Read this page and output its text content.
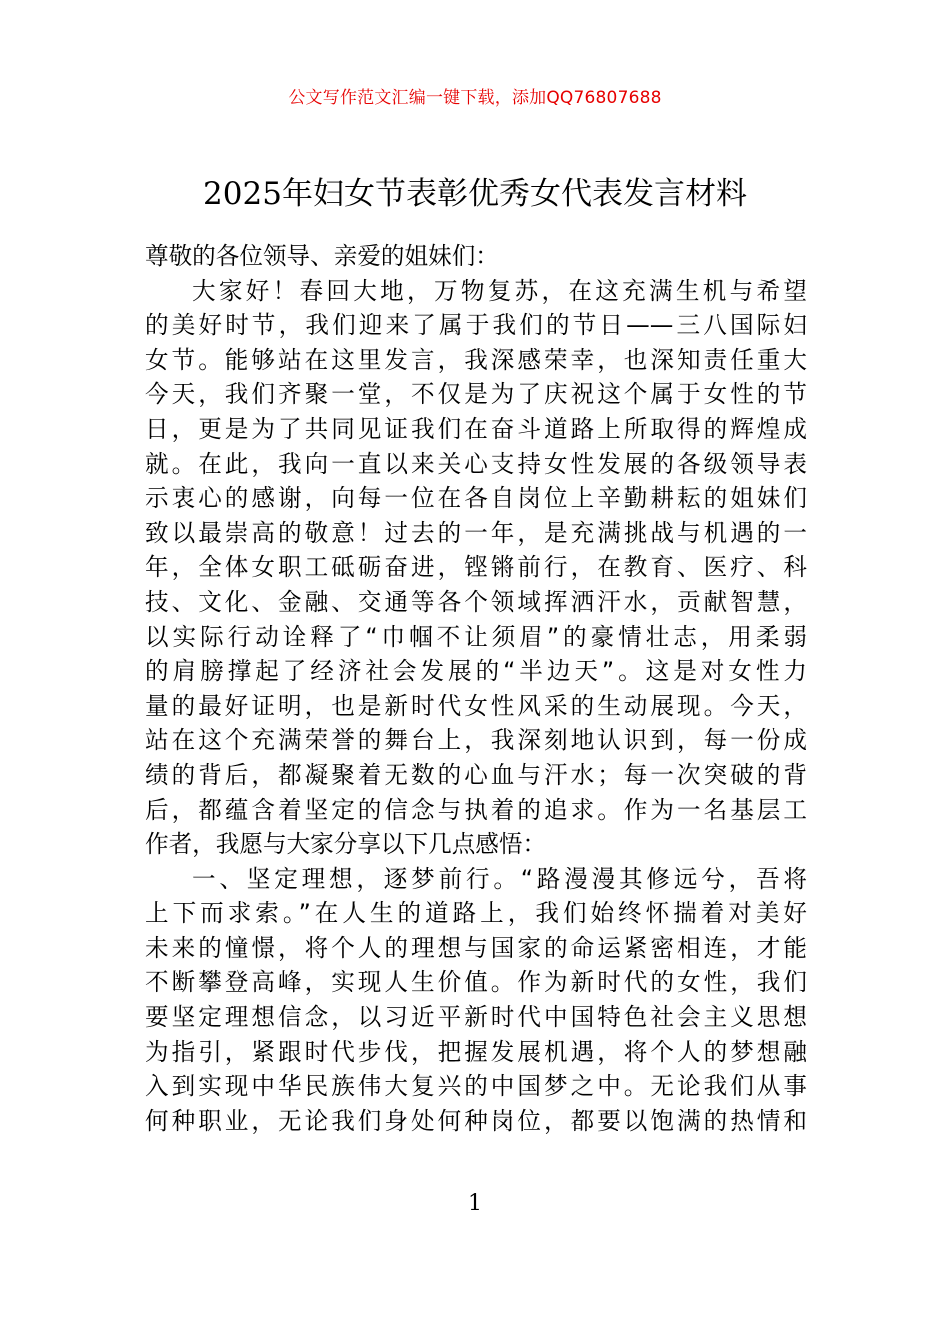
公文写作范文汇编一键下载，添加QQ76807688
2025年妇女节表彰优秀女代表发言材料
尊敬的各位领导、亲爱的姐妹们：
大家好！春回大地，万物复苏，在这充满生机与希望
的美好时节，我们迎来了属于我们的节日——三八国际妇
女节。能够站在这里发言，我深感荣幸，也深知责任重大
今天，我们齐聚一堂，不仅是为了庆祝这个属于女性的节
日，更是为了共同见证我们在奋斗道路上所取得的辉煌成
就。在此，我向一直以来关心支持女性发展的各级领导表
示衷心的感谢，向每一位在各自岗位上辛勤耕耘的姐妹们
致以最崇高的敬意！过去的一年，是充满挑战与机遇的一
年，全体女职工砥砺奋进，铿锵前行，在教育、医疗、科
技、文化、金融、交通等各个领域挥洒汗水，贡献智慧，
以实际行动诠释了“巾帼不让须眉”的豪情壮志，用柔弱
的肩膀撑起了经济社会发展的“半边天”。这是对女性力
量的最好证明，也是新时代女性风采的生动展现。今天，
站在这个充满荣誉的舞台上，我深刻地认识到，每一份成
绩的背后，都凝聚着无数的心血与汗水；每一次突破的背
后，都蕴含着坚定的信念与执着的追求。作为一名基层工
作者，我愿与大家分享以下几点感悟：
一、坚定理想，逐梦前行。“路漫漫其修远兮，吾将
上下而求索。”在人生的道路上，我们始终怀揣着对美好
未来的憧憬，将个人的理想与国家的命运紧密相连，才能
不断攀登高峰，实现人生价值。作为新时代的女性，我们
要坚定理想信念，以习近平新时代中国特色社会主义思想
为指引，紧跟时代步伐，把握发展机遇，将个人的梦想融
入到实现中华民族伟大复兴的中国梦之中。无论我们从事
何种职业，无论我们身处何种岗位，都要以饱满的热情和
1
